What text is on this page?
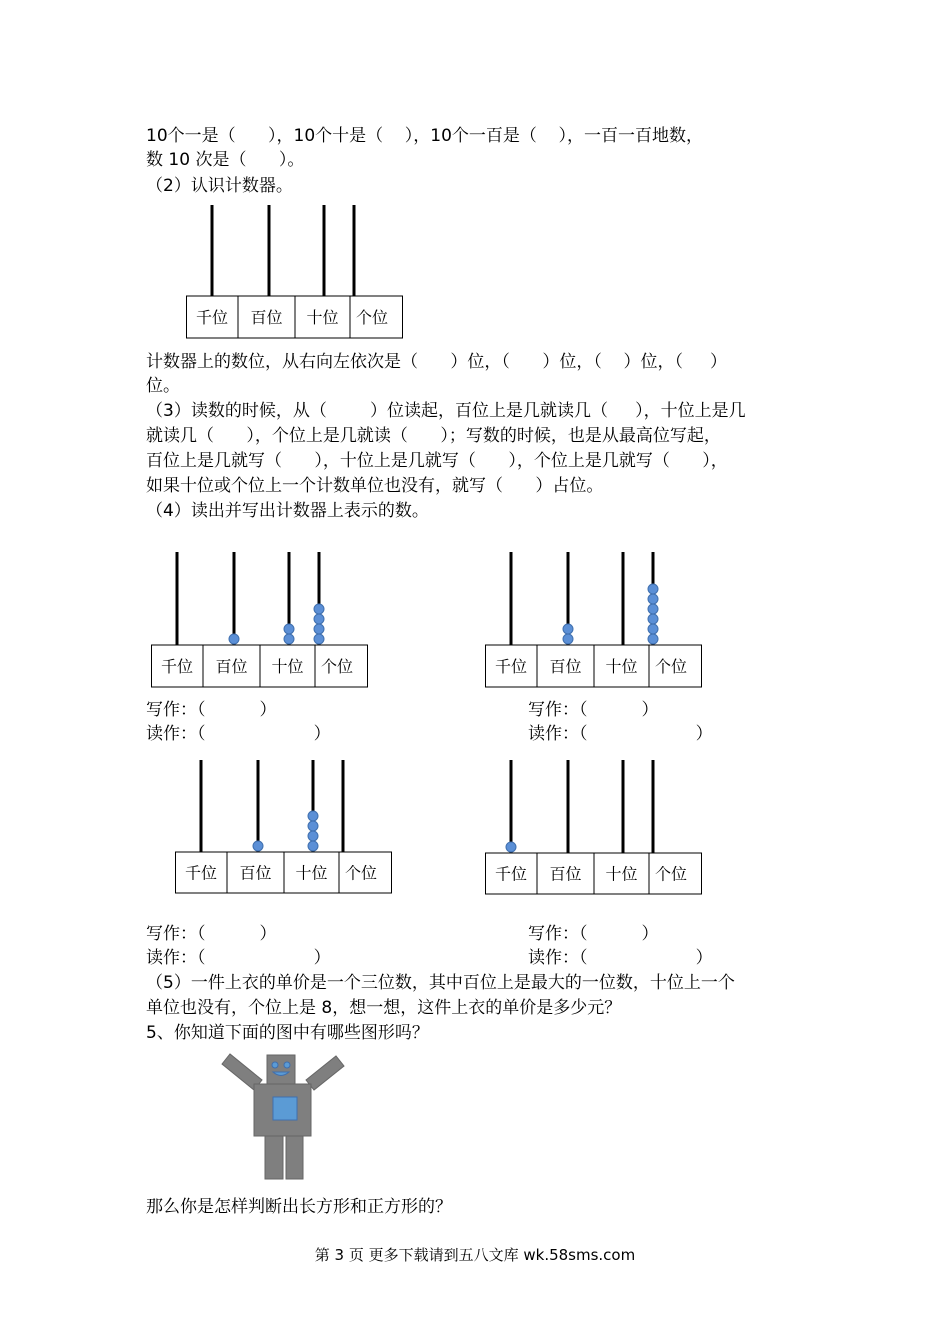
10个一是（      ），10个十是（    ），10个一百是（    ），一百一百地数，
数 10 次是（      ）。
（2）认识计数器。
千位 百位 十位 个位
计数器上的数位，从右向左依次是（      ）位，（      ）位，（    ）位，（     ）
位。
（3）读数的时候，从（        ）位读起，百位上是几就读几（     ），十位上是几
就读几（      ），个位上是几就读（      ）；写数的时候，也是从最高位写起，
百位上是几就写（      ），十位上是几就写（      ），个位上是几就写（      ），
如果十位或个位上一个计数单位也没有，就写（      ）占位。
（4）读出并写出计数器上表示的数。
千位 百位 十位 个位	千位 百位 十位 个位
写作：（          ）
读作：（                    ）
写作：（          ）
读作：（                    ）
千位 百位 十位 个位	千位 百位 十位 个位
写作：（          ）
读作：（                    ）
写作：（          ）
读作：（                    ）
（5）一件上衣的单价是一个三位数，其中百位上是最大的一位数，十位上一个
单位也没有，个位上是 8，想一想，这件上衣的单价是多少元？
5、你知道下面的图中有哪些图形吗？
那么你是怎样判断出长方形和正方形的？
第 3 页 更多下载请到五八文库 wk.58sms.com
